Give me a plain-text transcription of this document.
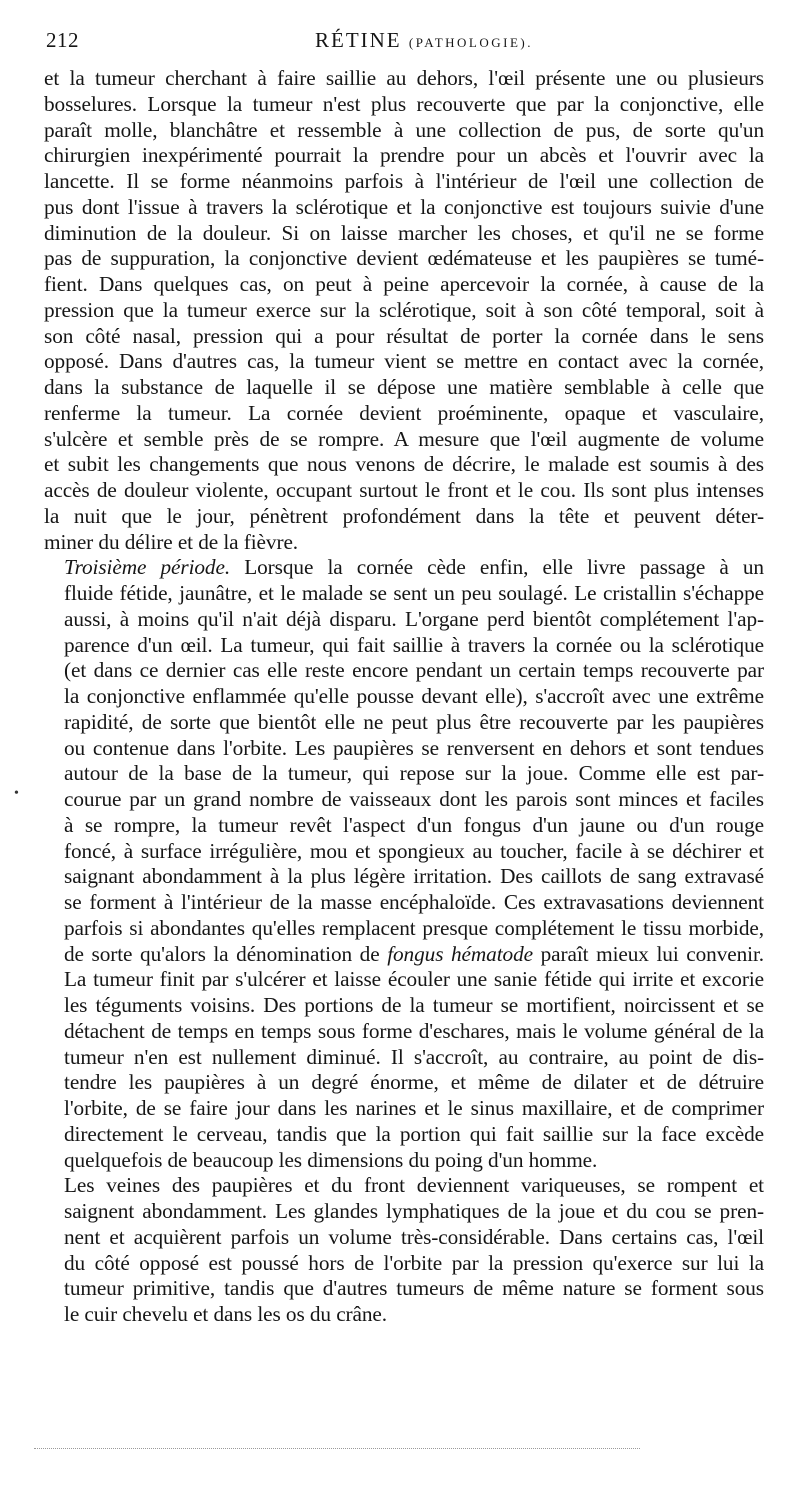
212	RÉTINE (PATHOLOGIE).
•

et la tumeur cherchant à faire saillie au dehors, l'œil présente une ou plusieurs
bosselures. Lorsque la tumeur n'est plus recouverte que par la conjonctive, elle
paraît molle, blanchâtre et ressemble à une collection de pus, de sorte qu'un
chirurgien inexpérimenté pourrait la prendre pour un abcès et l'ouvrir avec la
lancette. Il se forme néanmoins parfois à l'intérieur de l'œil une collection de
pus dont l'issue à travers la sclérotique et la conjonctive est toujours suivie d'une
diminution de la douleur. Si on laisse marcher les choses, et qu'il ne se forme
pas de suppuration, la conjonctive devient œdémateuse et les paupières se tumé-
fient. Dans quelques cas, on peut à peine apercevoir la cornée, à cause de la
pression que la tumeur exerce sur la sclérotique, soit à son côté temporal, soit à
son côté nasal, pression qui a pour résultat de porter la cornée dans le sens
opposé. Dans d'autres cas, la tumeur vient se mettre en contact avec la cornée,
dans la substance de laquelle il se dépose une matière semblable à celle que
renferme la tumeur. La cornée devient proéminente, opaque et vasculaire,
s'ulcère et semble près de se rompre. A mesure que l'œil augmente de volume
et subit les changements que nous venons de décrire, le malade est soumis à des
accès de douleur violente, occupant surtout le front et le cou. Ils sont plus intenses
la nuit que le jour, pénètrent profondément dans la tête et peuvent déter-
miner du délire et de la fièvre.

Troisième période. Lorsque la cornée cède enfin, elle livre passage à un
fluide fétide, jaunâtre, et le malade se sent un peu soulagé. Le cristallin s'échappe
aussi, à moins qu'il n'ait déjà disparu. L'organe perd bientôt complétement l'ap-
parence d'un œil. La tumeur, qui fait saillie à travers la cornée ou la sclérotique
(et dans ce dernier cas elle reste encore pendant un certain temps recouverte par
la conjonctive enflammée qu'elle pousse devant elle), s'accroît avec une extrême
rapidité, de sorte que bientôt elle ne peut plus être recouverte par les paupières
ou contenue dans l'orbite. Les paupières se renversent en dehors et sont tendues
autour de la base de la tumeur, qui repose sur la joue. Comme elle est par-
courue par un grand nombre de vaisseaux dont les parois sont minces et faciles
à se rompre, la tumeur revêt l'aspect d'un fongus d'un jaune ou d'un rouge
foncé, à surface irrégulière, mou et spongieux au toucher, facile à se déchirer et
saignant abondamment à la plus légère irritation. Des caillots de sang extravasé
se forment à l'intérieur de la masse encéphaloïde. Ces extravasations deviennent
parfois si abondantes qu'elles remplacent presque complétement le tissu morbide,
de sorte qu'alors la dénomination de fongus hématode paraît mieux lui convenir.
La tumeur finit par s'ulcérer et laisse écouler une sanie fétide qui irrite et excorie
les téguments voisins. Des portions de la tumeur se mortifient, noircissent et se
détachent de temps en temps sous forme d'eschares, mais le volume général de la
tumeur n'en est nullement diminué. Il s'accroît, au contraire, au point de dis-
tendre les paupières à un degré énorme, et même de dilater et de détruire
l'orbite, de se faire jour dans les narines et le sinus maxillaire, et de comprimer
directement le cerveau, tandis que la portion qui fait saillie sur la face excède
quelquefois de beaucoup les dimensions du poing d'un homme.

Les veines des paupières et du front deviennent variqueuses, se rompent et
saignent abondamment. Les glandes lymphatiques de la joue et du cou se pren-
nent et acquièrent parfois un volume très-considérable. Dans certains cas, l'œil
du côté opposé est poussé hors de l'orbite par la pression qu'exerce sur lui la
tumeur primitive, tandis que d'autres tumeurs de même nature se forment sous
le cuir chevelu et dans les os du crâne.
